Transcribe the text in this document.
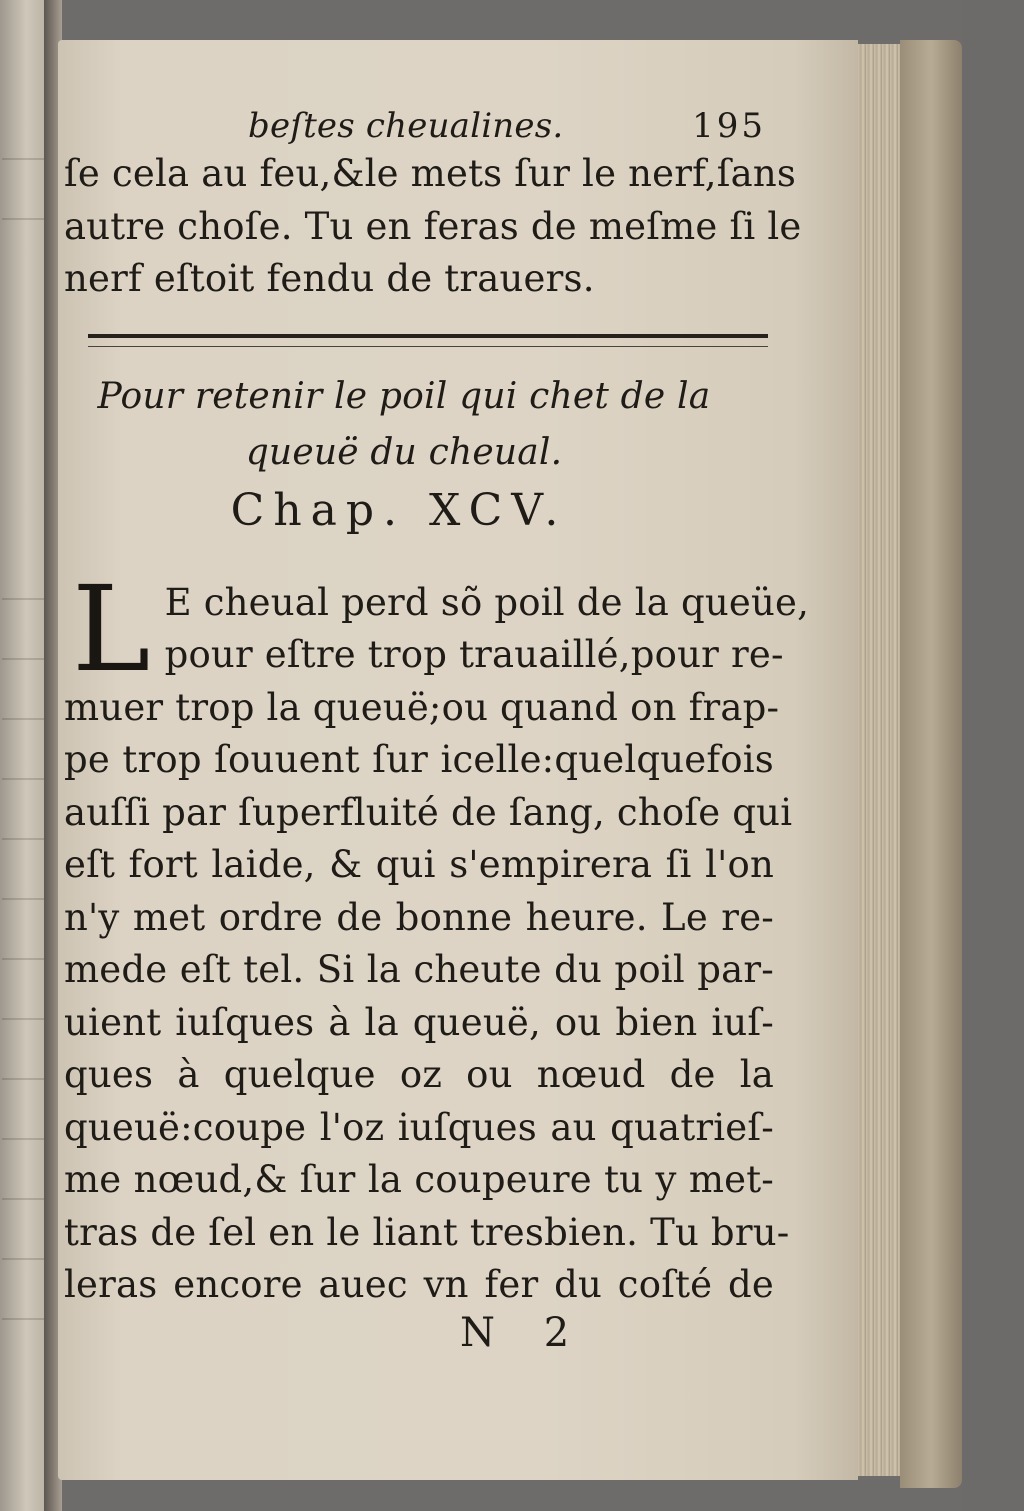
beſtes cheualines.	195
ſe cela au feu,&le mets ſur le nerf,ſans
autre choſe. Tu en feras de meſme ſi le
nerf eſtoit fendu de trauers.
Pour retenir le poil qui chet de la
queuë du cheual.
Chap. XCV.
L E cheual perd sõ poil de la queüe,
pour eſtre trop trauaillé,pour re-
muer trop la queuë;ou quand on frap-
pe trop ſouuent ſur icelle:quelquefois
auſſi par ſuperfluité de ſang, choſe qui
eſt fort laide, & qui s'empirera ſi l'on
n'y met ordre de bonne heure. Le re-
mede eſt tel. Si la cheute du poil par-
uient iuſques à la queuë, ou bien iuſ-
ques à quelque oz ou nœud de la
queuë:coupe l'oz iuſques au quatrieſ-
me nœud,& ſur la coupeure tu y met-
tras de ſel en le liant tresbien. Tu bru-
leras encore auec vn fer du coſté de
N 2
